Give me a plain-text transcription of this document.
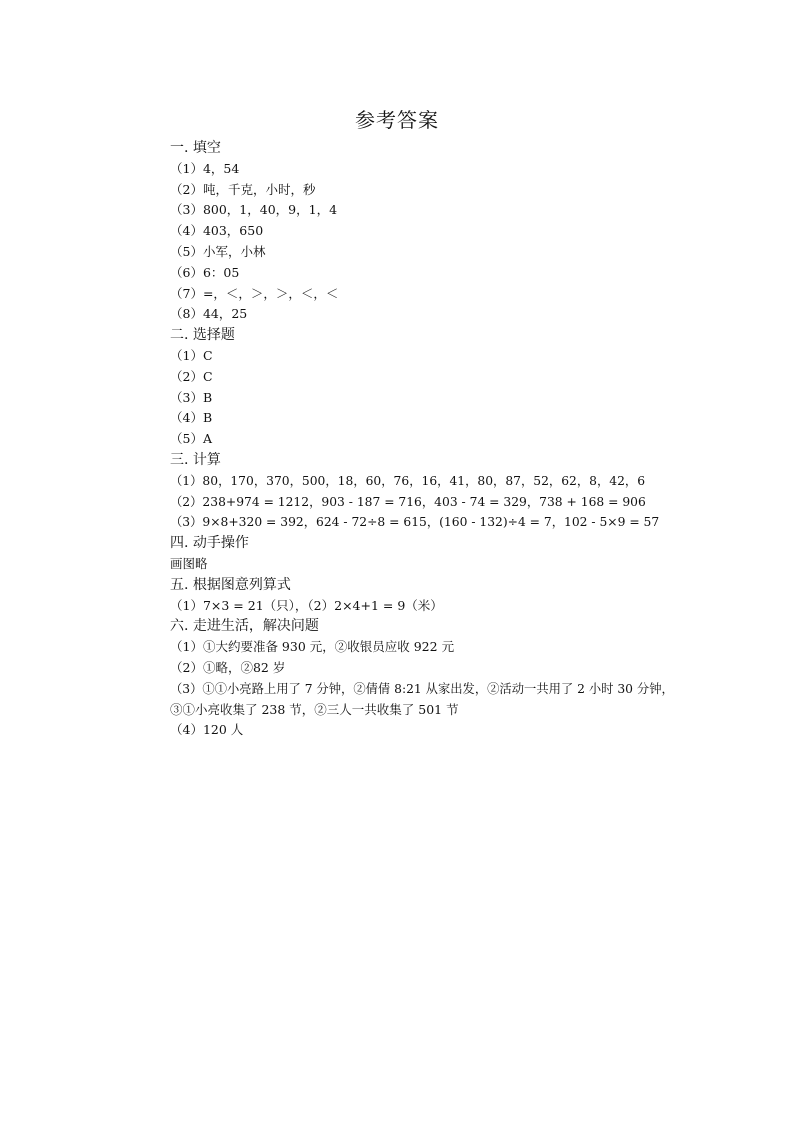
参考答案
一. 填空
（1）4，54
（2）吨，千克，小时，秒
（3）800，1，40，9，1，4
（4）403，650
（5）小军，小林
（6）6：05
（7）=，＜，＞，＞，＜，＜
（8）44，25
二. 选择题
（1）C
（2）C
（3）B
（4）B
（5）A
三. 计算
（1）80，170，370，500，18，60，76，16，41，80，87，52，62，8，42，6
（2）238+974 = 1212，903 - 187 = 716，403 - 74 = 329，738 + 168 = 906
（3）9×8+320 = 392，624 - 72÷8 = 615，(160 - 132)÷4 = 7，102 - 5×9 = 57
四. 动手操作
画图略
五. 根据图意列算式
（1）7×3 = 21（只），（2）2×4+1 = 9（米）
六. 走进生活，解决问题
（1）①大约要准备 930 元，②收银员应收 922 元
（2）①略，②82 岁
（3）①①小亮路上用了 7 分钟，②倩倩 8:21 从家出发，②活动一共用了 2 小时 30 分钟，
③①小亮收集了 238 节，②三人一共收集了 501 节
（4）120 人
